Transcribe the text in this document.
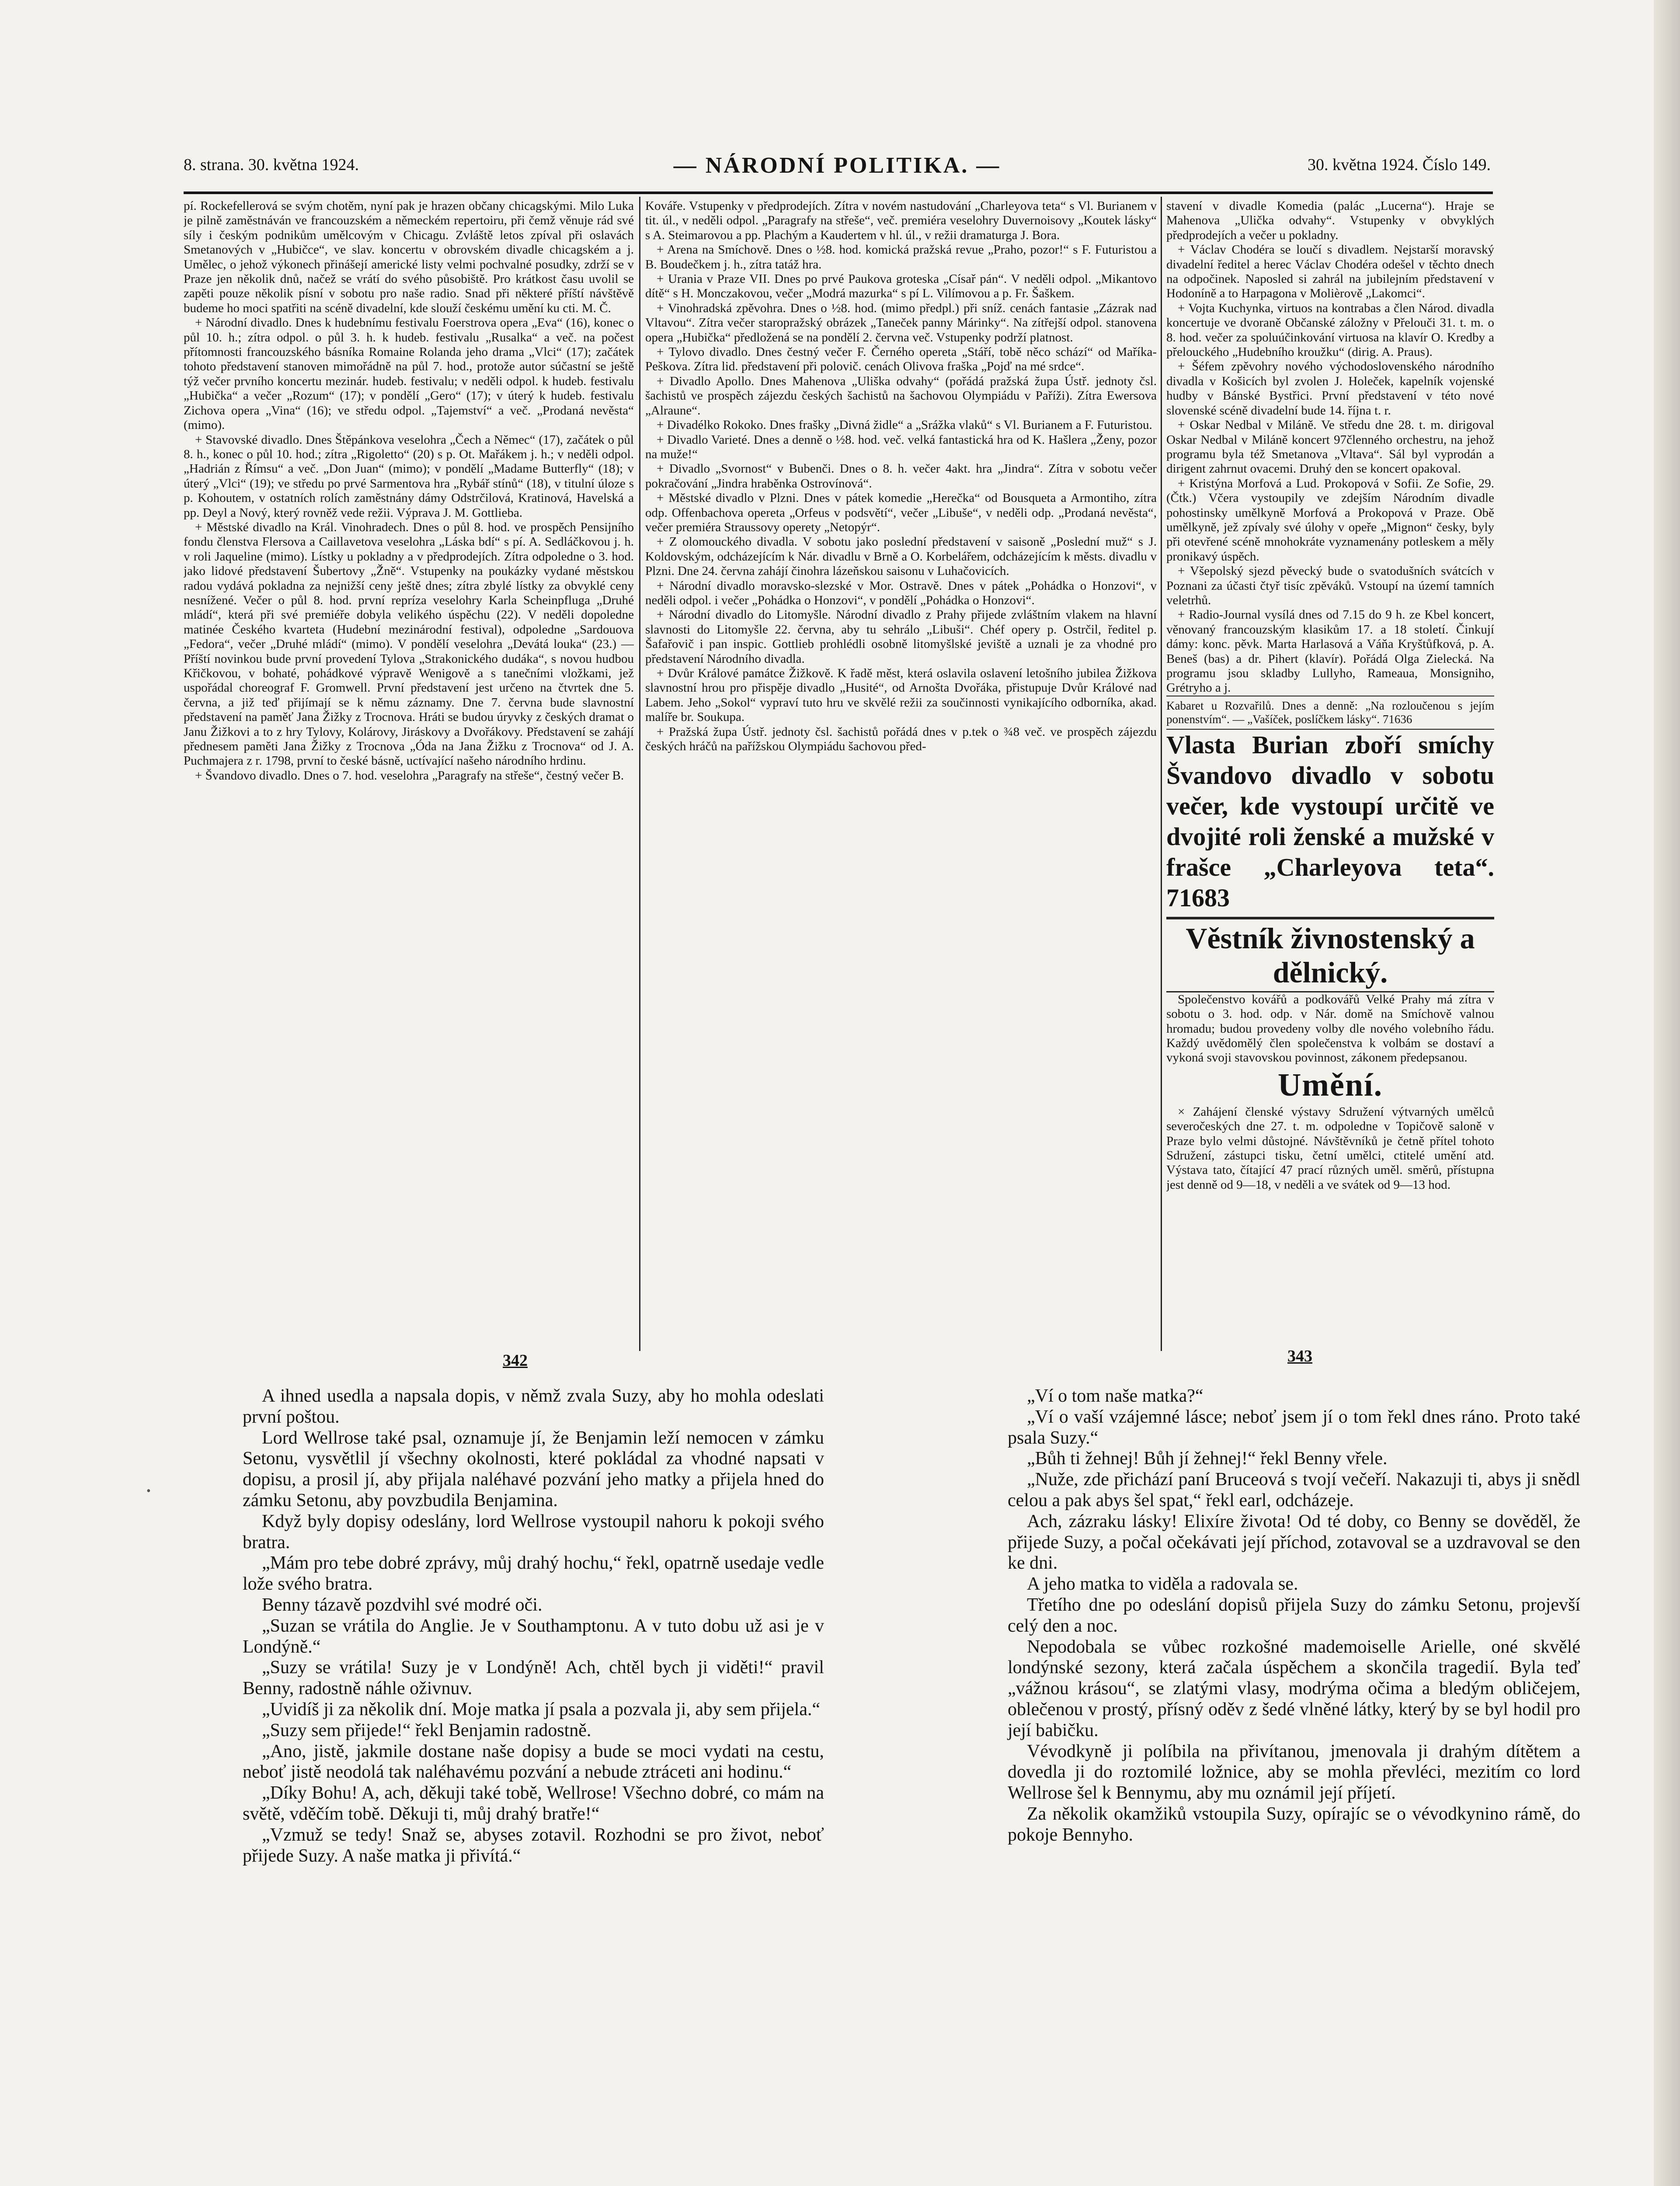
8. strana. 30. května 1924.	— NÁRODNÍ POLITIKA. —	30. května 1924. Číslo 149.

pí. Rockefellerová se svým chotěm, nyní pak je hrazen občany chicagskými. Milo Luka je pilně zaměstnáván ve francouzském a německém repertoiru, při čemž věnuje rád své síly i českým podnikům umělcovým v Chicagu. Zvláště letos zpíval při oslavách Smetanových v „Hubičce“, ve slav. koncertu v obrovském divadle chicagském a j. Umělec, o jehož výkonech přinášejí americké listy velmi pochvalné posudky, zdrží se v Praze jen několik dnů, načež se vrátí do svého působiště. Pro krátkost času uvolil se zapěti pouze několik písní v sobotu pro naše radio. Snad při některé příští návštěvě budeme ho moci spatřiti na scéně divadelní, kde slouží českému umění ku cti. M. Č.

+ Národní divadlo. Dnes k hudebnímu festivalu Foerstrova opera „Eva“ (16), konec o půl 10. h.; zítra odpol. o půl 3. h. k hudeb. festivalu „Rusalka“ a več. na počest přítomnosti francouzského básníka Romaine Rolanda jeho drama „Vlci“ (17); začátek tohoto představení stanoven mimořádně na půl 7. hod., protože autor súčastní se ještě týž večer prvního koncertu mezinár. hudeb. festivalu; v neděli odpol. k hudeb. festivalu „Hubička“ a večer „Rozum“ (17); v pondělí „Gero“ (17); v úterý k hudeb. festivalu Zichova opera „Vina“ (16); ve středu odpol. „Tajemství“ a več. „Prodaná nevěsta“ (mimo).

+ Stavovské divadlo. Dnes Štěpánkova veselohra „Čech a Němec“ (17), začátek o půl 8. h., konec o půl 10. hod.; zítra „Rigoletto“ (20) s p. Ot. Mařákem j. h.; v neděli odpol. „Hadrián z Římsu“ a več. „Don Juan“ (mimo); v pondělí „Madame Butterfly“ (18); v úterý „Vlci“ (19); ve středu po prvé Sarmentova hra „Rybář stínů“ (18), v titulní úloze s p. Kohoutem, v ostatních rolích zaměstnány dámy Odstrčilová, Kratinová, Havelská a pp. Deyl a Nový, který rovněž vede režii. Výprava J. M. Gottlieba.

+ Městské divadlo na Král. Vinohradech. Dnes o půl 8. hod. ve prospěch Pensijního fondu členstva Flersova a Caillavetova veselohra „Láska bdí“ s pí. A. Sedláčkovou j. h. v roli Jaqueline (mimo). Lístky u pokladny a v předprodejích. Zítra odpoledne o 3. hod. jako lidové představení Šubertovy „Žně“. Vstupenky na poukázky vydané městskou radou vydává pokladna za nejnižší ceny ještě dnes; zítra zbylé lístky za obvyklé ceny nesnížené. Večer o půl 8. hod. první repríza veselohry Karla Scheinpfluga „Druhé mládí“, která při své premiéře dobyla velikého úspěchu (22). V neděli dopoledne matinée Českého kvarteta (Hudební mezinárodní festival), odpoledne „Sardouova „Fedora“, večer „Druhé mládí“ (mimo). V pondělí veselohra „Devátá louka“ (23.) — Příští novinkou bude první provedení Tylova „Strakonického dudáka“, s novou hudbou Křičkovou, v bohaté, pohádkové výpravě Wenigově a s tanečními vložkami, jež uspořádal choreograf F. Gromwell. První představení jest určeno na čtvrtek dne 5. června, a již teď přijímají se k němu záznamy. Dne 7. června bude slavnostní představení na paměť Jana Žižky z Trocnova. Hráti se budou úryvky z českých dramat o Janu Žižkovi a to z hry Tylovy, Kolárovy, Jiráskovy a Dvořákovy. Představení se zahájí přednesem paměti Jana Žižky z Trocnova „Óda na Jana Žižku z Trocnova“ od J. A. Puchmajera z r. 1798, první to české básně, uctívající našeho národního hrdinu.

+ Švandovo divadlo. Dnes o 7. hod. veselohra „Paragrafy na střeše“, čestný večer B.

Kováře. Vstupenky v předprodejích. Zítra v novém nastudování „Charleyova teta“ s Vl. Burianem v tit. úl., v neděli odpol. „Paragrafy na střeše“, več. premiéra veselohry Duvernoisovy „Koutek lásky“ s A. Steimarovou a pp. Plachým a Kaudertem v hl. úl., v režii dramaturga J. Bora.

+ Arena na Smíchově. Dnes o ½8. hod. komická pražská revue „Praho, pozor!“ s F. Futuristou a B. Boudečkem j. h., zítra tatáž hra.

+ Urania v Praze VII. Dnes po prvé Paukova groteska „Císař pán“. V neděli odpol. „Mikantovo dítě“ s H. Monczakovou, večer „Modrá mazurka“ s pí L. Vilímovou a p. Fr. Šaškem.

+ Vinohradská zpěvohra. Dnes o ½8. hod. (mimo předpl.) při sníž. cenách fantasie „Zázrak nad Vltavou“. Zítra večer staropražský obrázek „Taneček panny Márinky“. Na zítřejší odpol. stanovena opera „Hubička“ předložená se na pondělí 2. června več. Vstupenky podrží platnost.

+ Tylovo divadlo. Dnes čestný večer F. Černého opereta „Stáří, tobě něco schází“ od Maříka-Peškova. Zítra lid. představení při polovič. cenách Olivova fraška „Pojď na mé srdce“.

+ Divadlo Apollo. Dnes Mahenova „Uliška odvahy“ (pořádá pražská župa Ústř. jednoty čsl. šachistů ve prospěch zájezdu českých šachistů na šachovou Olympiádu v Paříži). Zítra Ewersova „Alraune“.

+ Divadélko Rokoko. Dnes frašky „Divná židle“ a „Srážka vlaků“ s Vl. Burianem a F. Futuristou.

+ Divadlo Varieté. Dnes a denně o ½8. hod. več. velká fantastická hra od K. Hašlera „Ženy, pozor na muže!“

+ Divadlo „Svornost“ v Bubenči. Dnes o 8. h. večer 4akt. hra „Jindra“. Zítra v sobotu večer pokračování „Jindra hraběnka Ostrovínová“.

+ Městské divadlo v Plzni. Dnes v pátek komedie „Herečka“ od Bousqueta a Armontiho, zítra odp. Offenbachova opereta „Orfeus v podsvětí“, večer „Libuše“, v neděli odp. „Prodaná nevěsta“, večer premiéra Straussovy operety „Netopýr“.

+ Z olomouckého divadla. V sobotu jako poslední představení v saisoně „Poslední muž“ s J. Koldovským, odcházejícím k Nár. divadlu v Brně a O. Korbelářem, odcházejícím k městs. divadlu v Plzni. Dne 24. června zahájí činohra lázeňskou saisonu v Luhačovicích.

+ Národní divadlo moravsko-slezské v Mor. Ostravě. Dnes v pátek „Pohádka o Honzovi“, v neděli odpol. i večer „Pohádka o Honzovi“, v pondělí „Pohádka o Honzovi“.

+ Národní divadlo do Litomyšle. Národní divadlo z Prahy přijede zvláštním vlakem na hlavní slavnosti do Litomyšle 22. června, aby tu sehrálo „Libuši“. Chéf opery p. Ostrčil, ředitel p. Šafařovič i pan inspic. Gottlieb prohlédli osobně litomyšlské jeviště a uznali je za vhodné pro představení Národního divadla.

+ Dvůr Králové památce Žižkově. K řadě měst, která oslavila oslavení letošního jubilea Žižkova slavnostní hrou pro přispěje divadlo „Husité“, od Arnošta Dvořáka, přistupuje Dvůr Králové nad Labem. Jeho „Sokol“ vypraví tuto hru ve skvělé režii za součinnosti vynikajícího odborníka, akad. malíře br. Soukupa.

+ Pražská župa Ústř. jednoty čsl. šachistů pořádá dnes v p.tek o ¾8 več. ve prospěch zájezdu českých hráčů na pařížskou Olympiádu šachovou před-

stavení v divadle Komedia (palác „Lucerna“). Hraje se Mahenova „Ulička odvahy“. Vstupenky v obvyklých předprodejích a večer u pokladny.

+ Václav Chodéra se loučí s divadlem. Nejstarší moravský divadelní ředitel a herec Václav Chodéra odešel v těchto dnech na odpočinek. Naposled si zahrál na jubilejním představení v Hodoníně a to Harpagona v Molièrově „Lakomci“.

+ Vojta Kuchynka, virtuos na kontrabas a člen Národ. divadla koncertuje ve dvoraně Občanské záložny v Přelouči 31. t. m. o 8. hod. večer za spoluúčinkování virtuosa na klavír O. Kredby a přelouckého „Hudebního kroužku“ (dirig. A. Praus).

+ Šéfem zpěvohry nového východoslovenského národního divadla v Košicích byl zvolen J. Holeček, kapelník vojenské hudby v Bánské Bystřici. První představení v této nové slovenské scéně divadelní bude 14. října t. r.

+ Oskar Nedbal v Miláně. Ve středu dne 28. t. m. dirigoval Oskar Nedbal v Miláně koncert 97členného orchestru, na jehož programu byla též Smetanova „Vltava“. Sál byl vyprodán a dirigent zahrnut ovacemi. Druhý den se koncert opakoval.

+ Kristýna Morfová a Lud. Prokopová v Sofii. Ze Sofie, 29. (Čtk.) Včera vystoupily ve zdejším Národním divadle pohostinsky umělkyně Morfová a Prokopová v Praze. Obě umělkyně, jež zpívaly své úlohy v opeře „Mignon“ česky, byly při otevřené scéně mnohokráte vyznamenány potleskem a měly pronikavý úspěch.

+ Všepolský sjezd pěvecký bude o svatodušních svátcích v Poznani za účasti čtyř tisíc zpěváků. Vstoupí na území tamních veletrhů.

+ Radio-Journal vysílá dnes od 7.15 do 9 h. ze Kbel koncert, věnovaný francouzským klasikům 17. a 18 století. Činkují dámy: konc. pěvk. Marta Harlasová a Váňa Kryštůfková, p. A. Beneš (bas) a dr. Pihert (klavír). Pořádá Olga Zielecká. Na programu jsou skladby Lullyho, Rameaua, Monsigniho, Grétryho a j.

Kabaret u Rozvařilů. Dnes a denně: „Na rozloučenou s jejím ponenstvím“. — „Vašíček, poslíčkem lásky“. 71636

Vlasta Burian zboří smíchy Švandovo divadlo v sobotu večer, kde vystoupí určitě ve dvojité roli ženské a mužské v frašce „Charleyova teta“. 71683

Věstník živnostenský a dělnický.

Společenstvo kovářů a podkovářů Velké Prahy má zítra v sobotu o 3. hod. odp. v Nár. domě na Smíchově valnou hromadu; budou provedeny volby dle nového volebního řádu. Každý uvědomělý člen společenstva k volbám se dostaví a vykoná svoji stavovskou povinnost, zákonem předepsanou.

Umění.

× Zahájení členské výstavy Sdružení výtvarných umělců severočeských dne 27. t. m. odpoledne v Topičově saloně v Praze bylo velmi důstojné. Návštěvníků je četně přítel tohoto Sdružení, zástupci tisku, četní umělci, ctitelé umění atd. Výstava tato, čítající 47 prací různých uměl. směrů, přístupna jest denně od 9—18, v neděli a ve svátek od 9—13 hod.

342	343

A ihned usedla a napsala dopis, v němž zvala Suzy, aby ho mohla odeslati první poštou.

Lord Wellrose také psal, oznamuje jí, že Benjamin leží nemocen v zámku Setonu, vysvětlil jí všechny okolnosti, které pokládal za vhodné napsati v dopisu, a prosil jí, aby přijala naléhavé pozvání jeho matky a přijela hned do zámku Setonu, aby povzbudila Benjamina.

Když byly dopisy odeslány, lord Wellrose vystoupil nahoru k pokoji svého bratra.

„Mám pro tebe dobré zprávy, můj drahý hochu,“ řekl, opatrně usedaje vedle lože svého bratra.

Benny tázavě pozdvihl své modré oči.

„Suzan se vrátila do Anglie. Je v Southamptonu. A v tuto dobu už asi je v Londýně.“

„Suzy se vrátila! Suzy je v Londýně! Ach, chtěl bych ji viděti!“ pravil Benny, radostně náhle oživnuv.

„Uvidíš ji za několik dní. Moje matka jí psala a pozvala ji, aby sem přijela.“

„Suzy sem přijede!“ řekl Benjamin radostně.

„Ano, jistě, jakmile dostane naše dopisy a bude se moci vydati na cestu, neboť jistě neodolá tak naléhavému pozvání a nebude ztráceti ani hodinu.“

„Díky Bohu! A, ach, děkuji také tobě, Wellrose! Všechno dobré, co mám na světě, vděčím tobě. Děkuji ti, můj drahý bratře!“

„Vzmuž se tedy! Snaž se, abyses zotavil. Rozhodni se pro život, neboť přijede Suzy. A naše matka ji přivítá.“

„Ví o tom naše matka?“

„Ví o vaší vzájemné lásce; neboť jsem jí o tom řekl dnes ráno. Proto také psala Suzy.“

„Bůh ti žehnej! Bůh jí žehnej!“ řekl Benny vřele.

„Nuže, zde přichází paní Bruceová s tvojí večeří. Nakazuji ti, abys ji snědl celou a pak abys šel spat,“ řekl earl, odcházeje.

Ach, zázraku lásky! Elixíre života! Od té doby, co Benny se dověděl, že přijede Suzy, a počal očekávati její příchod, zotavoval se a uzdravoval se den ke dni.

A jeho matka to viděla a radovala se.

Třetího dne po odeslání dopisů přijela Suzy do zámku Setonu, projevší celý den a noc.

Nepodobala se vůbec rozkošné mademoiselle Arielle, oné skvělé londýnské sezony, která začala úspěchem a skončila tragedií. Byla teď „vážnou krásou“, se zlatými vlasy, modrýma očima a bledým obličejem, oblečenou v prostý, přísný oděv z šedé vlněné látky, který by se byl hodil pro její babičku.

Vévodkyně ji políbila na přivítanou, jmenovala ji drahým dítětem a dovedla ji do roztomilé ložnice, aby se mohla převléci, mezitím co lord Wellrose šel k Bennymu, aby mu oznámil její příjetí.

Za několik okamžiků vstoupila Suzy, opírajíc se o vévodkynino rámě, do pokoje Bennyho.

•
